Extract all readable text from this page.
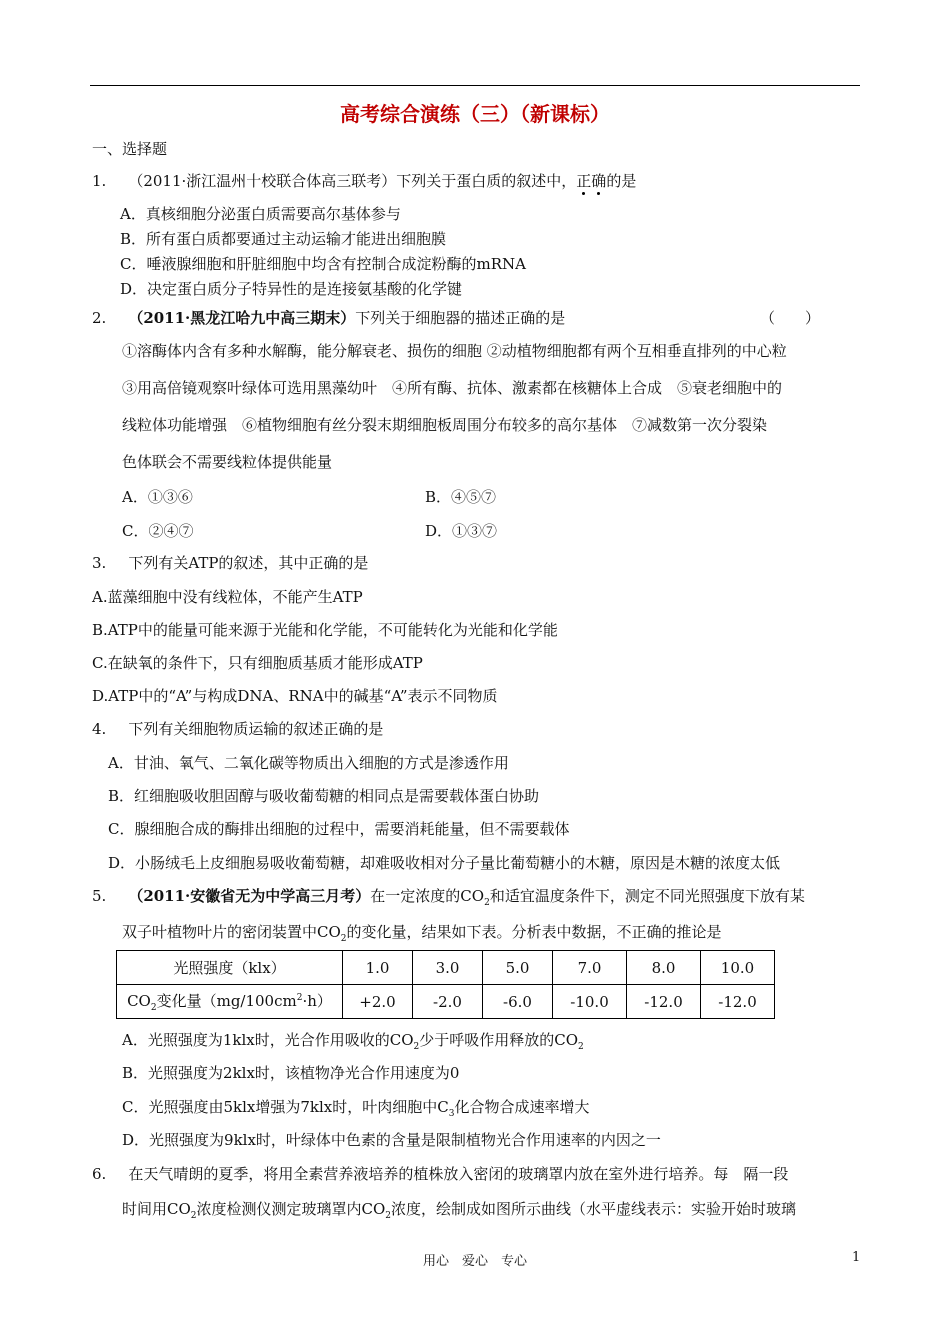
高考综合演练（三）（新课标）
一、选择题
1. （2011·浙江温州十校联合体高三联考）下列关于蛋白质的叙述中，正确的是
A．真核细胞分泌蛋白质需要高尔基体参与
B．所有蛋白质都要通过主动运输才能进出细胞膜
C．唾液腺细胞和肝脏细胞中均含有控制合成淀粉酶的mRNA
D．决定蛋白质分子特异性的是连接氨基酸的化学键
2. （2011·黑龙江哈九中高三期末）下列关于细胞器的描述正确的是	（　　）
①溶酶体内含有多种水解酶，能分解衰老、损伤的细胞 ②动植物细胞都有两个互相垂直排列的中心粒
③用高倍镜观察叶绿体可选用黑藻幼叶　④所有酶、抗体、激素都在核糖体上合成　⑤衰老细胞中的
线粒体功能增强　⑥植物细胞有丝分裂末期细胞板周围分布较多的高尔基体　⑦减数第一次分裂染
色体联会不需要线粒体提供能量
A．①③⑥	B．④⑤⑦
C．②④⑦	D．①③⑦
3. 下列有关ATP的叙述，其中正确的是
A.蓝藻细胞中没有线粒体，不能产生ATP
B.ATP中的能量可能来源于光能和化学能，不可能转化为光能和化学能
C.在缺氧的条件下，只有细胞质基质才能形成ATP
D.ATP中的“A”与构成DNA、RNA中的碱基“A”表示不同物质
4. 下列有关细胞物质运输的叙述正确的是
A．甘油、氧气、二氧化碳等物质出入细胞的方式是渗透作用
B．红细胞吸收胆固醇与吸收葡萄糖的相同点是需要载体蛋白协助
C．腺细胞合成的酶排出细胞的过程中，需要消耗能量，但不需要载体
D．小肠绒毛上皮细胞易吸收葡萄糖，却难吸收相对分子量比葡萄糖小的木糖，原因是木糖的浓度太低
5. （2011·安徽省无为中学高三月考）在一定浓度的$CO_2$和适宜温度条件下，测定不同光照强度下放有某
双子叶植物叶片的密闭装置中$CO_2$的变化量，结果如下表。分析表中数据，不正确的推论是
光照强度（klx）	1.0	3.0	5.0	7.0	8.0	10.0
$CO_2$变化量$(mg/100cm^2\cdot h)$	+2.0	-2.0	-6.0	-10.0	-12.0	-12.0
A．光照强度为1klx时，光合作用吸收的$CO_2$少于呼吸作用释放的$CO_2$
B．光照强度为2klx时，该植物净光合作用速度为0
C．光照强度由5klx增强为7klx时，叶肉细胞中$C_3$化合物合成速率增大
D．光照强度为9klx时，叶绿体中色素的含量是限制植物光合作用速率的内因之一
6. 在天气晴朗的夏季，将用全素营养液培养的植株放入密闭的玻璃罩内放在室外进行培养。每　隔一段
时间用$CO_2$浓度检测仪测定玻璃罩内$CO_2$浓度，绘制成如图所示曲线（水平虚线表示：实验开始时玻璃
用心　爱心　专心	1
